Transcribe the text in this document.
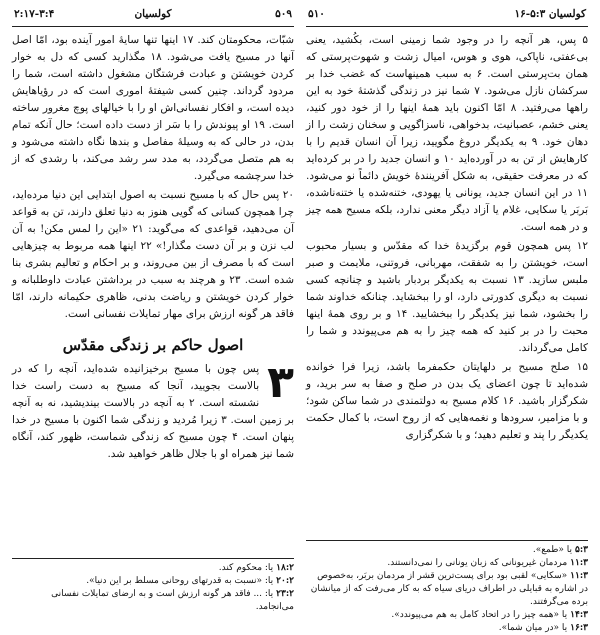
کولسیان ۵:۳-۱۶
۵۱۰

۵ پس، هر آنچه را در وجود شما زمینی است، بکُشید، یعنی بی‌عفتی، ناپاکی، هوی و هوس، امیال زشت و شهوت‌پرستی که همان بت‌پرستی است. ۶ به سبب همینهاست که غضب خدا بر سرکشان نازل می‌شود. ۷ شما نیز در زندگی گذشتهٔ خود به این راهها می‌رفتید. ۸ امّا اکنون باید همهٔ اینها را از خود دور کنید، یعنی خشم، عصبانیت، بدخواهی، ناسزاگویی و سخنان زشت را از دهان خود. ۹ به یکدیگر دروغ مگویید، زیرا آن انسان قدیم را با کارهایش از تن به در آورده‌اید ۱۰ و انسان جدید را در بر کرده‌اید که در معرفت حقیقی، به شکل آفرینندهٔ خویش دائماً نو می‌شود. ۱۱ در این انسان جدید، یونانی یا یهودی، ختنه‌شده یا ختنه‌ناشده، بَربَر یا سکایی، غلام یا آزاد دیگر معنی ندارد، بلکه مسیح همه چیز و در همه است.

۱۲ پس همچون قوم برگزیدهٔ خدا که مقدّس و بسیار محبوب است، خویشتن را به شفقت، مهربانی، فروتنی، ملایمت و صبر ملبس سازید. ۱۳ نسبت به یکدیگر بردبار باشید و چنانچه کسی نسبت به دیگری کدورتی دارد، او را ببخشاید. چنانکه خداوند شما را بخشود، شما نیز یکدیگر را ببخشایید. ۱۴ و بر روی همهٔ اینها محبت را در بر کنید که همه چیز را به هم می‌پیوندد و شما را کامل می‌گرداند.

۱۵ صلح مسیح بر دلهایتان حکمفرما باشد، زیرا فرا خوانده شده‌اید تا چون اعضای یک بدن در صلح و صفا به سر برید، و شکرگزار باشید. ۱۶ کلام مسیح به دولتمندی در شما ساکن شود؛ و با مزامیر، سرودها و نغمه‌هایی که از روح است، با کمال حکمت یکدیگر را پند و تعلیم دهید؛ و با شکرگزاری

۵:۳یا «طمع».

۱۱:۳مردمان غیریونانی که زبان یونانی را نمی‌دانستند.

۱۱:۳«سکایی» لقبی بود برای پست‌ترین قشر از مردمان بربَر، به‌خصوص در اشاره به قبایلی در اطراف دریای سیاه که به کار می‌رفت که از میانشان برده می‌گرفتند.

۱۴:۳یا «همه چیز را در اتحاد کامل به هم می‌پیوندد».

۱۶:۳یا «در میان شما».

۵۰۹
کولسیان
۲:۱۷-۳:۴

شبّات، محکومتان کند. ۱۷ اینها تنها سایهٔ امور آینده بود، امّا اصل آنها در مسیح یافت می‌شود. ۱۸ مگذارید کسی که دل به خوار کردن خویشتن و عبادت فرشتگان مشغول داشته است، شما را مردود گرداند. چنین کسی شیفتهٔ اموری است که در رؤیاهایش دیده است، و افکار نفسانی‌اش او را با خیالهای پوچ مغرور ساخته است. ۱۹ او پیوندش را با سَر از دست داده است؛ حال آنکه تمام بدن، در حالی که به وسیلهٔ مفاصل و بندها نگاه داشته می‌شود و به هم متصل می‌گردد، به مدد سر رشد می‌کند، با رشدی که از خدا سرچشمه می‌گیرد.

۲۰ پس حال که با مسیح نسبت به اصول ابتدایی این دنیا مرده‌اید، چرا همچون کسانی که گویی هنوز به دنیا تعلق دارند، تن به قواعد آن می‌دهید، قواعدی که می‌گوید: ۲۱ «این را لمس مکن! به آن لب نزن و بر آن دست مگذار!» ۲۲ اینها همه مربوط به چیزهایی است که با مصرف از بین می‌روند، و بر احکام و تعالیم بشری بنا شده است. ۲۳ و هرچند به سبب در برداشتن عبادت داوطلبانه و خوار کردن خویشتن و ریاضت بدنی، ظاهری حکیمانه دارند، امّا فاقد هر گونه ارزش برای مهار تمایلات نفسانی است.

اصول حاکم بر زندگی مقدّس

۳
پس چون با مسیح برخیزانیده شده‌اید، آنچه را که در بالاست بجویید، آنجا که مسیح به دست راست خدا نشسته است. ۲ به آنچه در بالاست بیندیشید، نه به آنچه بر زمین است. ۳ زیرا مُردید و زندگی شما اکنون با مسیح در خدا پنهان است. ۴ چون مسیح که زندگی شماست، ظهور کند، آنگاه شما نیز همراه او با جلال ظاهر خواهید شد.

۱۸:۲یا: محکوم کند.

۲۰:۲یا: «نسبت به قدرتهای روحانی مسلط بر این دنیا».

۲۳:۲یا: ... فاقد هر گونه ارزش است و به ارضای تمایلات نفسانی می‌انجامد.
